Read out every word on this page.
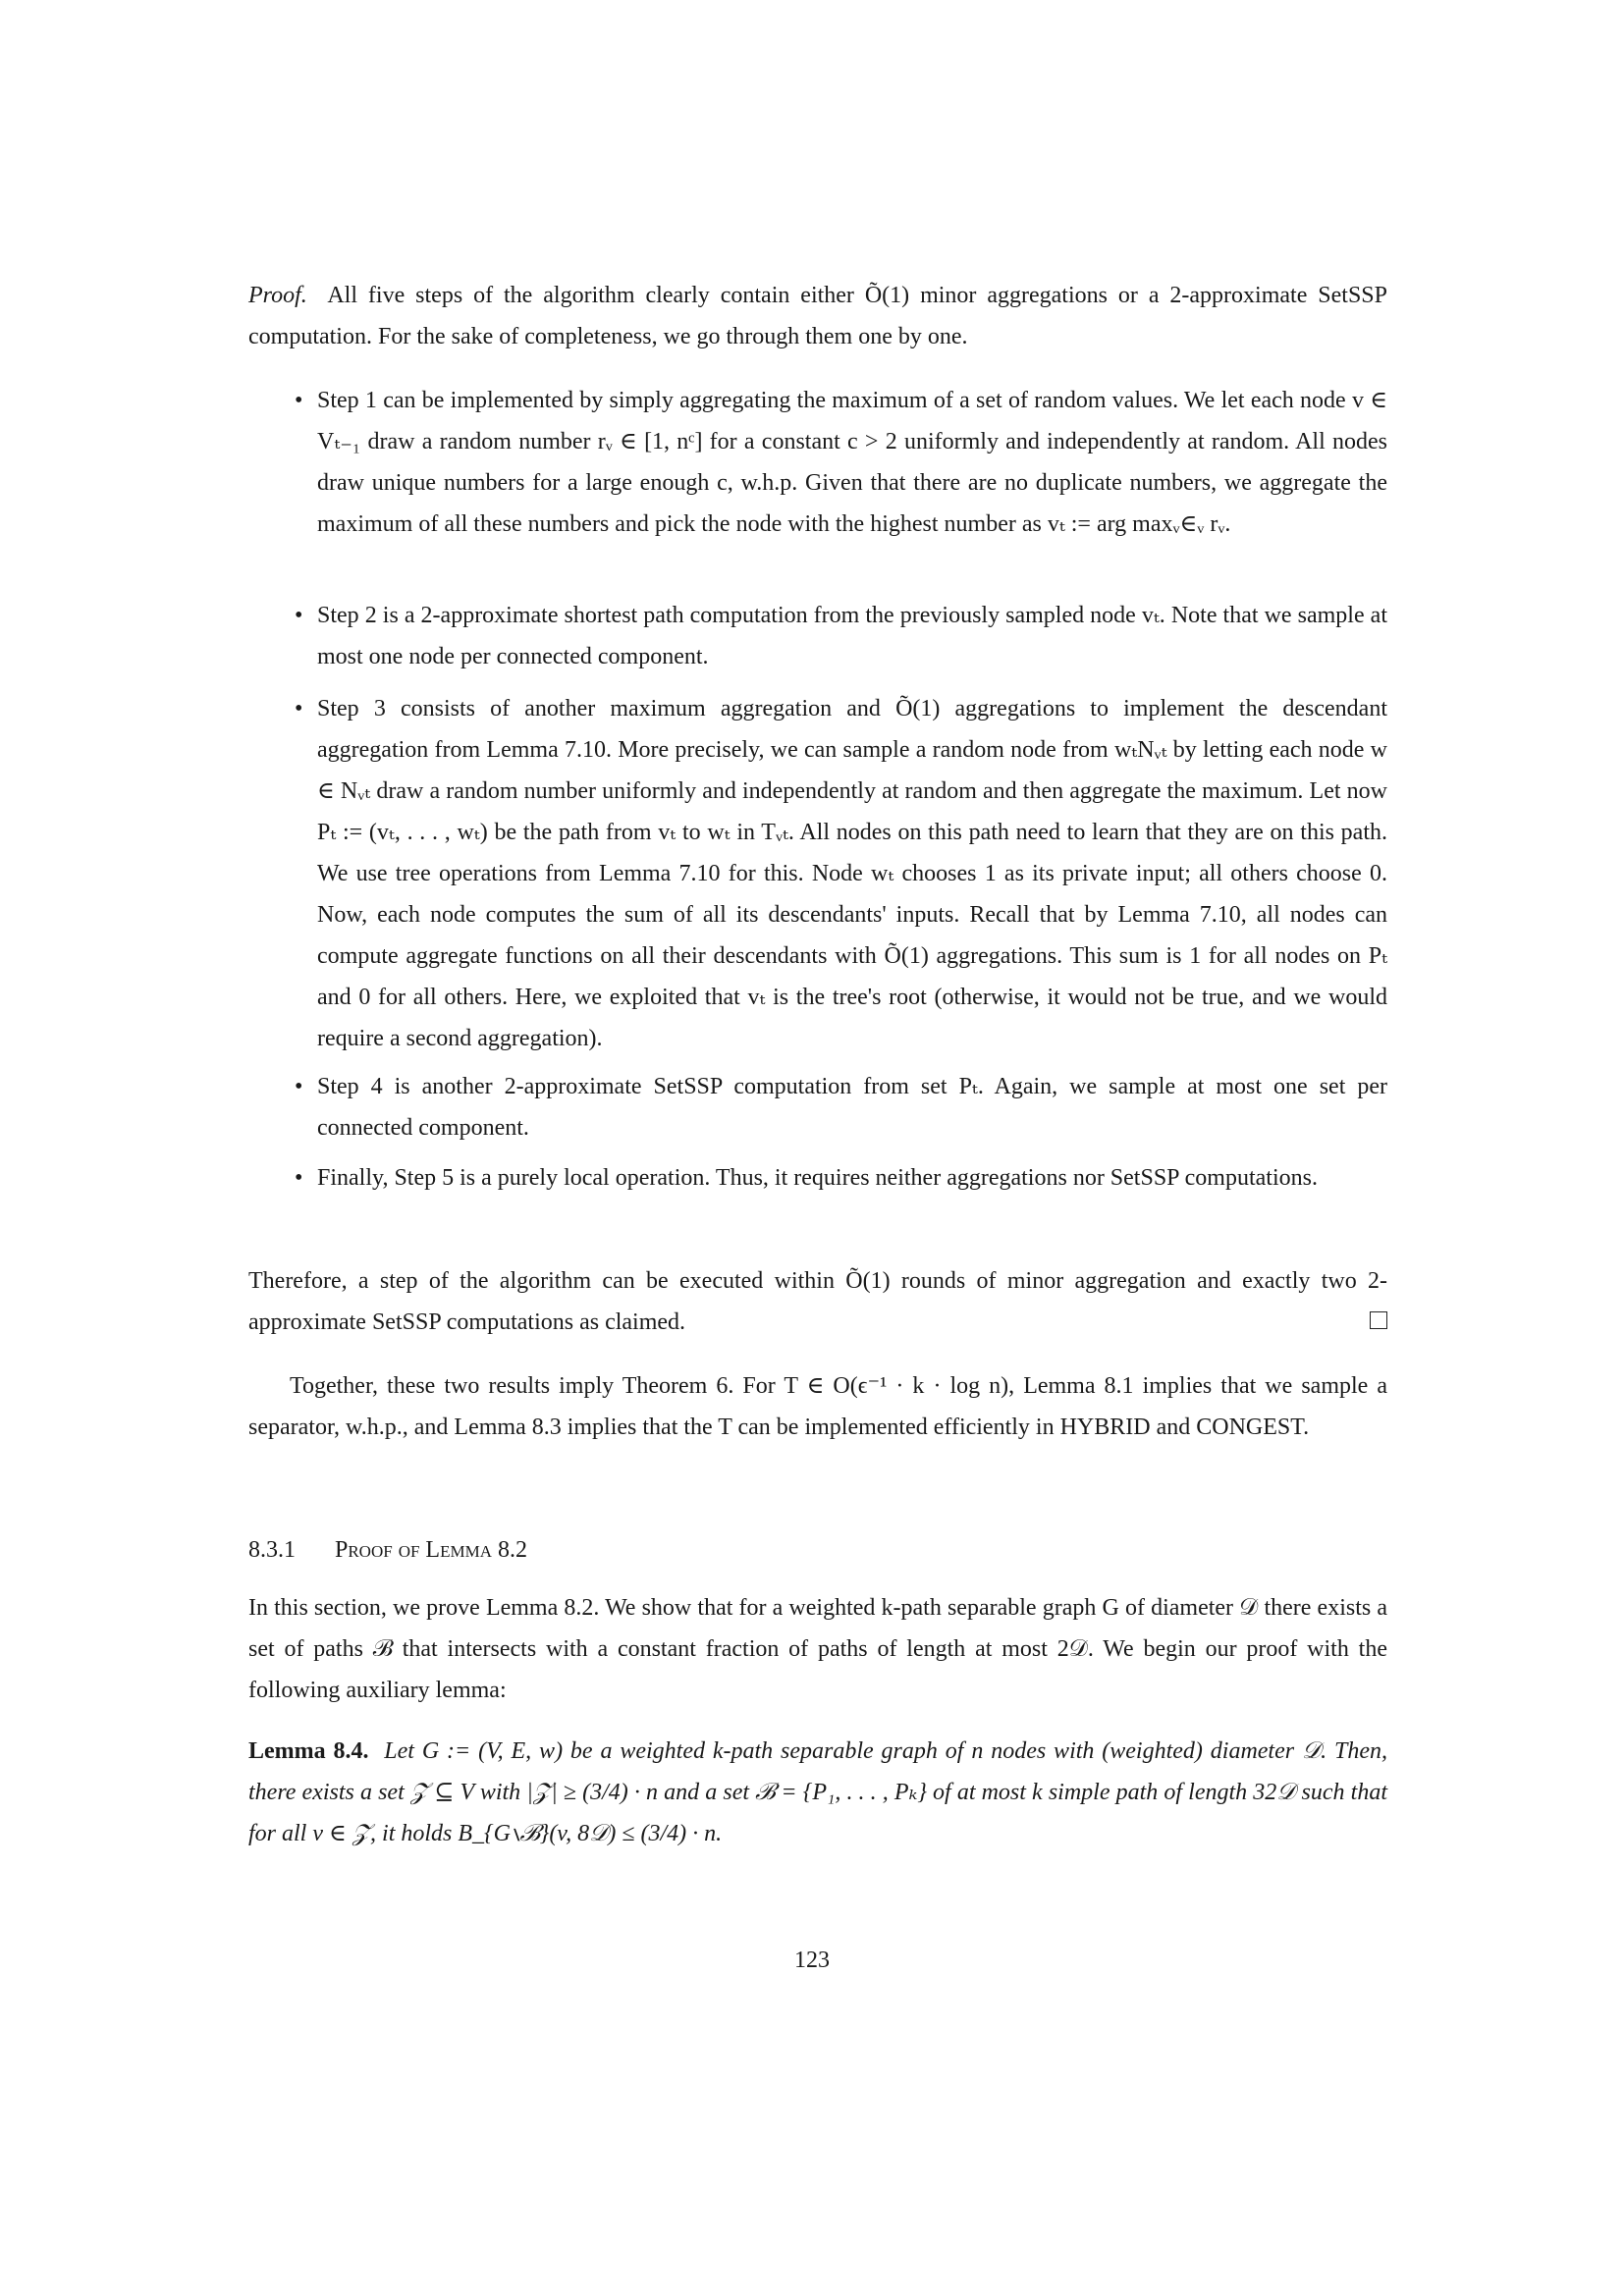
Proof. All five steps of the algorithm clearly contain either Õ(1) minor aggregations or a 2-approximate SetSSP computation. For the sake of completeness, we go through them one by one.
• Step 1 can be implemented by simply aggregating the maximum of a set of random values. We let each node v ∈ Vₜ₋₁ draw a random number rᵥ ∈ [1, nᶜ] for a constant c > 2 uniformly and independently at random. All nodes draw unique numbers for a large enough c, w.h.p. Given that there are no duplicate numbers, we aggregate the maximum of all these numbers and pick the node with the highest number as vₜ := arg maxᵥ∈ᵥ rᵥ.
• Step 2 is a 2-approximate shortest path computation from the previously sampled node vₜ. Note that we sample at most one node per connected component.
• Step 3 consists of another maximum aggregation and Õ(1) aggregations to implement the descendant aggregation from Lemma 7.10. More precisely, we can sample a random node from wₜNᵥₜ by letting each node w ∈ Nᵥₜ draw a random number uniformly and independently at random and then aggregate the maximum. Let now Pₜ := (vₜ, . . . , wₜ) be the path from vₜ to wₜ in Tᵥₜ. All nodes on this path need to learn that they are on this path. We use tree operations from Lemma 7.10 for this. Node wₜ chooses 1 as its private input; all others choose 0. Now, each node computes the sum of all its descendants' inputs. Recall that by Lemma 7.10, all nodes can compute aggregate functions on all their descendants with Õ(1) aggregations. This sum is 1 for all nodes on Pₜ and 0 for all others. Here, we exploited that vₜ is the tree's root (otherwise, it would not be true, and we would require a second aggregation).
• Step 4 is another 2-approximate SetSSP computation from set Pₜ. Again, we sample at most one set per connected component.
• Finally, Step 5 is a purely local operation. Thus, it requires neither aggregations nor SetSSP computations.
Therefore, a step of the algorithm can be executed within Õ(1) rounds of minor aggregation and exactly two 2-approximate SetSSP computations as claimed.
Together, these two results imply Theorem 6. For T ∈ O(ϵ⁻¹ · k · log n), Lemma 8.1 implies that we sample a separator, w.h.p., and Lemma 8.3 implies that the T can be implemented efficiently in HYBRID and CONGEST.
8.3.1 Proof of Lemma 8.2
In this section, we prove Lemma 8.2. We show that for a weighted k-path separable graph G of diameter 𝒟 there exists a set of paths ℬ that intersects with a constant fraction of paths of length at most 2𝒟. We begin our proof with the following auxiliary lemma:
Lemma 8.4. Let G := (V, E, w) be a weighted k-path separable graph of n nodes with (weighted) diameter 𝒟. Then, there exists a set 𝒵 ⊆ V with |𝒵| ≥ (3/4) · n and a set ℬ = {P₁, . . . , Pₖ} of at most k simple path of length 32𝒟 such that for all v ∈ 𝒵, it holds B_{G∖ℬ}(v, 8𝒟) ≤ (3/4) · n.
123
